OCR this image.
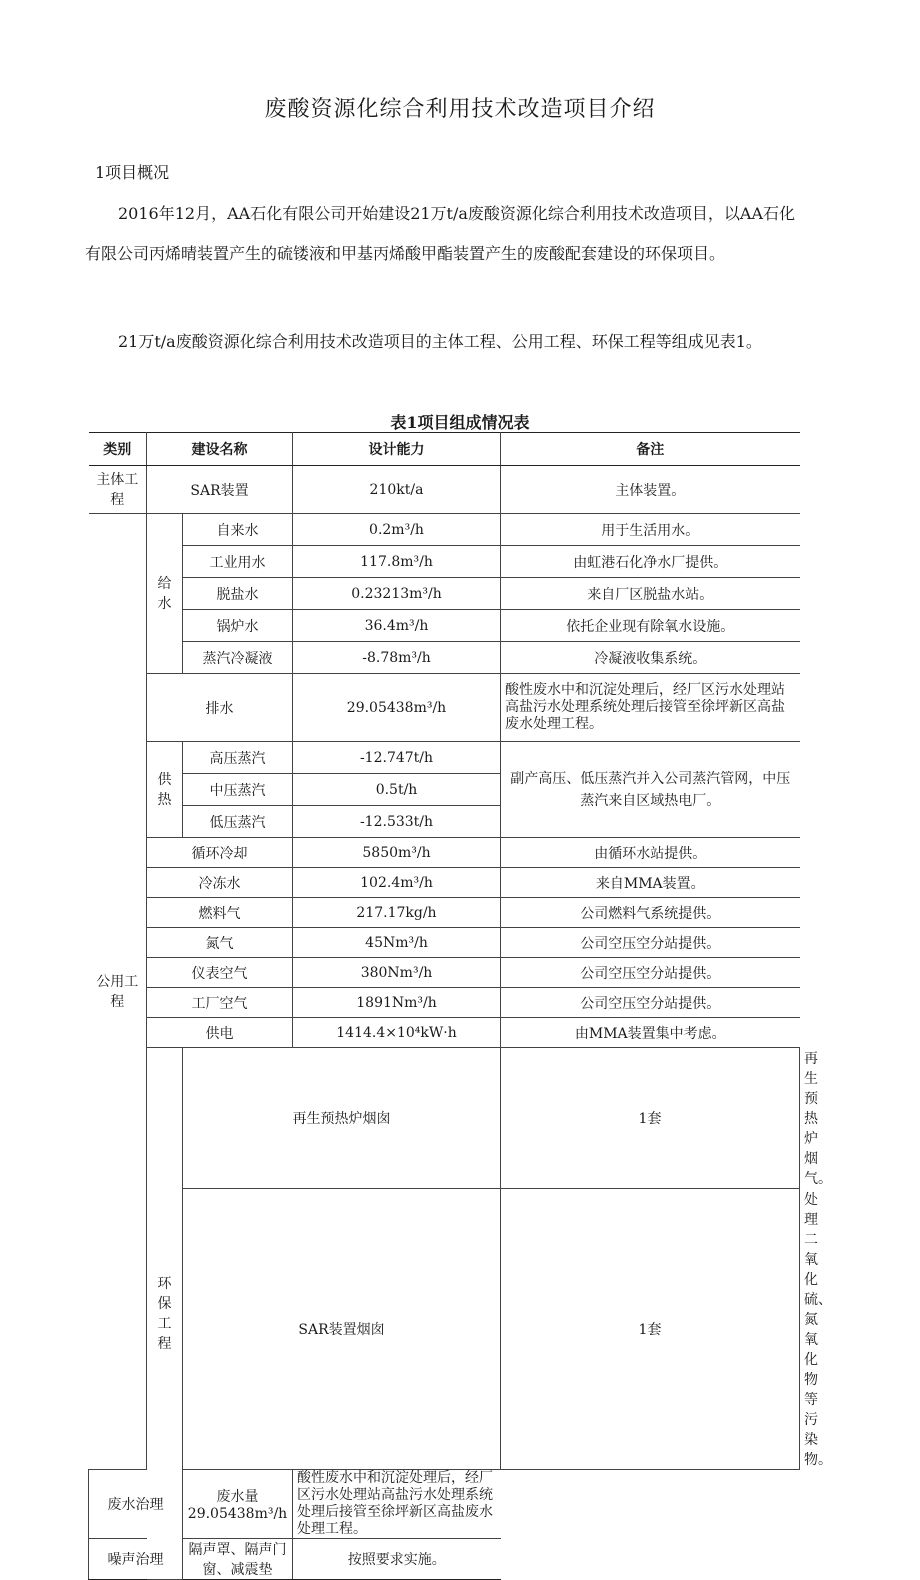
废酸资源化综合利用技术改造项目介绍
1项目概况

2016年12月，AA石化有限公司开始建设21万t/a废酸资源化综合利用技术改造项目，以AA石化有限公司丙烯晴装置产生的硫镂液和甲基丙烯酸甲酯装置产生的废酸配套建设的环保项目。

21万t/a废酸资源化综合利用技术改造项目的主体工程、公用工程、环保工程等组成见表1。

表1项目组成情况表
类别	建设名称		设计能力	备注	
主体工程	SAR装置		210kt/a	主体装置。	
公用工程	给水	自来水	0.2m³/h	用于生活用水。	
		工业用水	117.8m³/h	由虹港石化净水厂提供。	
		脱盐水	0.23213m³/h	来自厂区脱盐水站。	
		锅炉水	36.4m³/h	依托企业现有除氧水设施。	
		蒸汽冷凝液	-8.78m³/h	冷凝液收集系统。	
	排水		29.05438m³/h	酸性废水中和沉淀处理后，经厂区污水处理站高盐污水处理系统处理后接管至徐坪新区高盐废水处理工程。	
	供热	高压蒸汽	-12.747t/h	副产高压、低压蒸汽并入公司蒸汽管网，中压蒸汽来自区域热电厂。	
		中压蒸汽	0.5t/h		
		低压蒸汽	-12.533t/h		
	循环冷却		5850m³/h	由循环水站提供。	
	冷冻水		102.4m³/h	来自MMA装置。	
	燃料气		217.17kg/h	公司燃料气系统提供。	
	氮气		45Nm³/h	公司空压空分站提供。	
	仪表空气		380Nm³/h	公司空压空分站提供。	
	工厂空气		1891Nm³/h	公司空压空分站提供。	
	供电		1414.4×10⁴kW·h	由MMA装置集中考虑。	
	环保工程	再生预热炉烟囱		1套	再生预热炉烟气。
		SAR装置烟囱		1套	处理二氧化硫、氮氧化物等污染物。
废水治理		废水量29.05438m³/h	酸性废水中和沉淀处理后，经厂区污水处理站高盐污水处理系统处理后接管至徐坪新区高盐废水处理工程。		
噪声治理		隔声罩、隔声门窗、减震垫	按照要求实施。		
